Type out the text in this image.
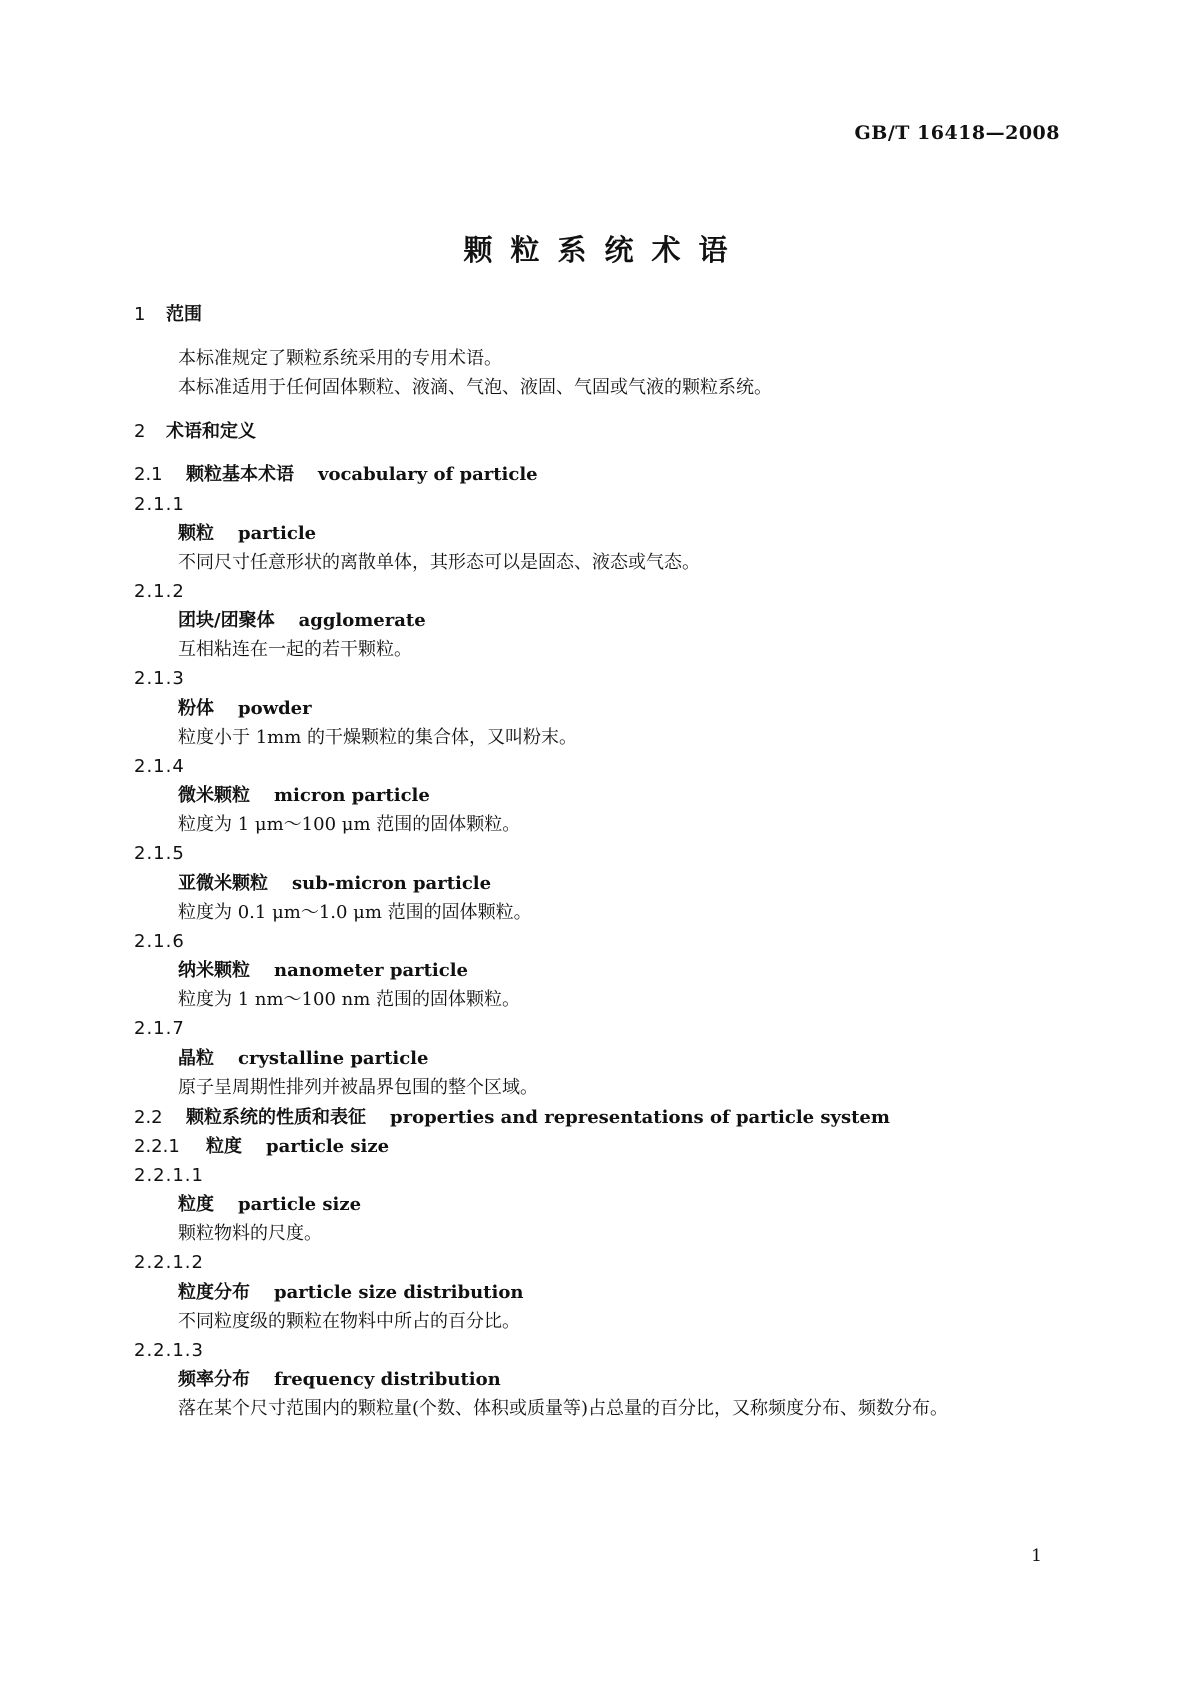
GB/T 16418—2008
颗粒系统术语
1 范围
本标准规定了颗粒系统采用的专用术语。
本标准适用于任何固体颗粒、液滴、气泡、液固、气固或气液的颗粒系统。
2 术语和定义
2.1 颗粒基本术语 vocabulary of particle
2.1.1
颗粒 particle
不同尺寸任意形状的离散单体，其形态可以是固态、液态或气态。
2.1.2
团块/团聚体 agglomerate
互相粘连在一起的若干颗粒。
2.1.3
粉体 powder
粒度小于 1mm 的干燥颗粒的集合体，又叫粉末。
2.1.4
微米颗粒 micron particle
粒度为 1 μm～100 μm 范围的固体颗粒。
2.1.5
亚微米颗粒 sub-micron particle
粒度为 0.1 μm～1.0 μm 范围的固体颗粒。
2.1.6
纳米颗粒 nanometer particle
粒度为 1 nm～100 nm 范围的固体颗粒。
2.1.7
晶粒 crystalline particle
原子呈周期性排列并被晶界包围的整个区域。
2.2 颗粒系统的性质和表征 properties and representations of particle system
2.2.1 粒度 particle size
2.2.1.1
粒度 particle size
颗粒物料的尺度。
2.2.1.2
粒度分布 particle size distribution
不同粒度级的颗粒在物料中所占的百分比。
2.2.1.3
频率分布 frequency distribution
落在某个尺寸范围内的颗粒量(个数、体积或质量等)占总量的百分比，又称频度分布、频数分布。
1
